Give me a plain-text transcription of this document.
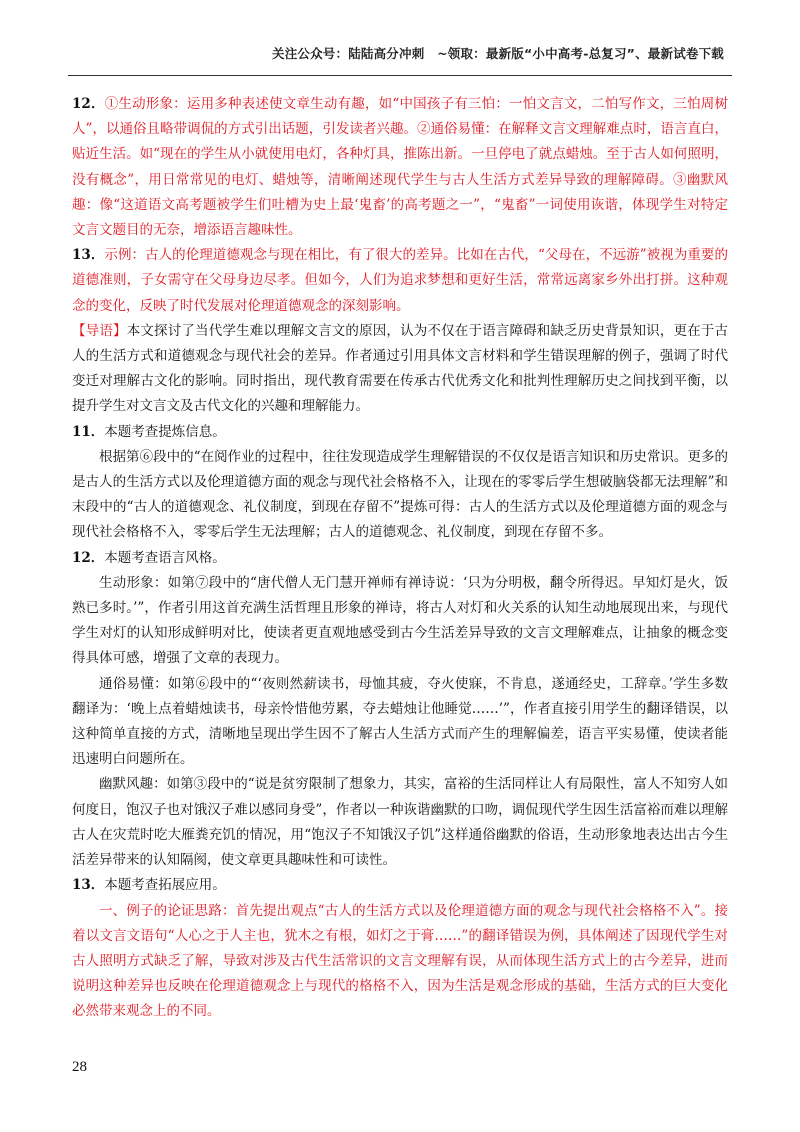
关注公众号：陆陆高分冲刺　~领取：最新版“小中高考-总复习”、最新试卷下载

12．①生动形象：运用多种表述使文章生动有趣，如“中国孩子有三怕：一怕文言文，二怕写作文，三怕周树人”，以通俗且略带调侃的方式引出话题，引发读者兴趣。②通俗易懂：在解释文言文理解难点时，语言直白，贴近生活。如“现在的学生从小就使用电灯，各种灯具，推陈出新。一旦停电了就点蜡烛。至于古人如何照明，没有概念”，用日常常见的电灯、蜡烛等，清晰阐述现代学生与古人生活方式差异导致的理解障碍。③幽默风趣：像“这道语文高考题被学生们吐槽为史上最‘鬼畜’的高考题之一”，“鬼畜”一词使用诙谐，体现学生对特定文言文题目的无奈，增添语言趣味性。

13．示例：古人的伦理道德观念与现在相比，有了很大的差异。比如在古代，“父母在，不远游”被视为重要的道德准则，子女需守在父母身边尽孝。但如今，人们为追求梦想和更好生活，常常远离家乡外出打拼。这种观念的变化，反映了时代发展对伦理道德观念的深刻影响。

【导语】本文探讨了当代学生难以理解文言文的原因，认为不仅在于语言障碍和缺乏历史背景知识，更在于古人的生活方式和道德观念与现代社会的差异。作者通过引用具体文言材料和学生错误理解的例子，强调了时代变迁对理解古文化的影响。同时指出，现代教育需要在传承古代优秀文化和批判性理解历史之间找到平衡，以提升学生对文言文及古代文化的兴趣和理解能力。

11．本题考查提炼信息。

根据第⑥段中的“在阅作业的过程中，往往发现造成学生理解错误的不仅仅是语言知识和历史常识。更多的是古人的生活方式以及伦理道德方面的观念与现代社会格格不入，让现在的零零后学生想破脑袋都无法理解”和末段中的“古人的道德观念、礼仪制度，到现在存留不”提炼可得：古人的生活方式以及伦理道德方面的观念与现代社会格格不入，零零后学生无法理解；古人的道德观念、礼仪制度，到现在存留不多。

12．本题考查语言风格。

生动形象：如第⑦段中的“唐代僧人无门慧开禅师有禅诗说：‘只为分明极，翻令所得迟。早知灯是火，饭熟已多时。’”，作者引用这首充满生活哲理且形象的禅诗，将古人对灯和火关系的认知生动地展现出来，与现代学生对灯的认知形成鲜明对比，使读者更直观地感受到古今生活差异导致的文言文理解难点，让抽象的概念变得具体可感，增强了文章的表现力。

通俗易懂：如第⑥段中的“‘夜则然薪读书，母恤其疲，夺火使寐，不肯息，遂通经史，工辞章。’学生多数翻译为：‘晚上点着蜡烛读书，母亲怜惜他劳累，夺去蜡烛让他睡觉……’”，作者直接引用学生的翻译错误，以这种简单直接的方式，清晰地呈现出学生因不了解古人生活方式而产生的理解偏差，语言平实易懂，使读者能迅速明白问题所在。

幽默风趣：如第③段中的“说是贫穷限制了想象力，其实，富裕的生活同样让人有局限性，富人不知穷人如何度日，饱汉子也对饿汉子难以感同身受”，作者以一种诙谐幽默的口吻，调侃现代学生因生活富裕而难以理解古人在灾荒时吃大雁粪充饥的情况，用“饱汉子不知饿汉子饥”这样通俗幽默的俗语，生动形象地表达出古今生活差异带来的认知隔阂，使文章更具趣味性和可读性。

13．本题考查拓展应用。

一、例子的论证思路：首先提出观点“古人的生活方式以及伦理道德方面的观念与现代社会格格不入”。接着以文言文语句“人心之于人主也，犹木之有根，如灯之于膏……”的翻译错误为例，具体阐述了因现代学生对古人照明方式缺乏了解，导致对涉及古代生活常识的文言文理解有误，从而体现生活方式上的古今差异，进而说明这种差异也反映在伦理道德观念上与现代的格格不入，因为生活是观念形成的基础，生活方式的巨大变化必然带来观念上的不同。

28
